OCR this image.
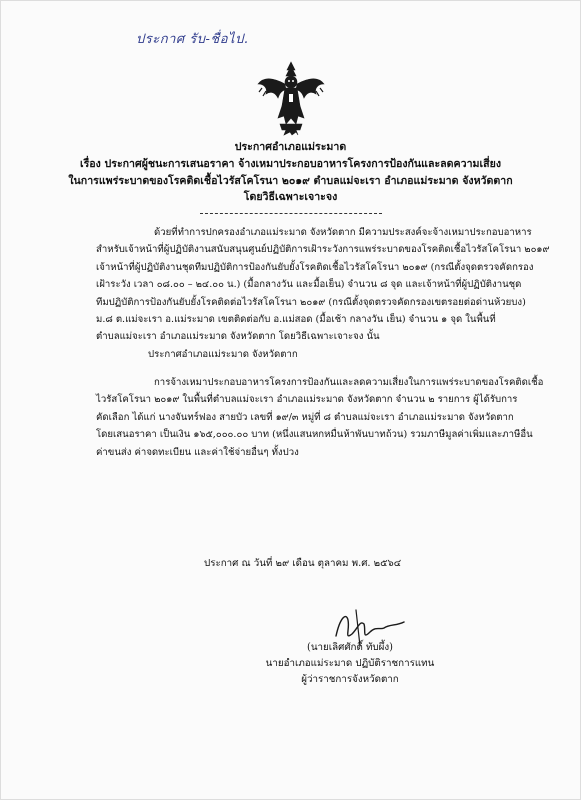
ประกาศ รับ-ชื่อไป.
ประกาศอำเภอแม่ระมาด
เรื่อง ประกาศผู้ชนะการเสนอราคา จ้างเหมาประกอบอาหารโครงการป้องกันและลดความเสี่ยง
ในการแพร่ระบาดของโรคติดเชื้อไวรัสโคโรนา ๒๐๑๙ ตำบลแม่จะเรา อำเภอแม่ระมาด จังหวัดตาก
โดยวิธีเฉพาะเจาะจง
ด้วยที่ทำการปกครองอำเภอแม่ระมาด จังหวัดตาก มีความประสงค์จะจ้างเหมาประกอบอาหาร
สำหรับเจ้าหน้าที่ผู้ปฏิบัติงานสนับสนุนศูนย์ปฏิบัติการเฝ้าระวังการแพร่ระบาดของโรคติดเชื้อไวรัสโคโรนา ๒๐๑๙
เจ้าหน้าที่ผู้ปฏิบัติงานชุดทีมปฏิบัติการป้องกันยับยั้งโรคติดเชื้อไวรัสโคโรนา ๒๐๑๙ (กรณีตั้งจุดตรวจคัดกรอง
เฝ้าระวัง เวลา ๐๘.๐๐ – ๒๔.๐๐ น.) (มื้อกลางวัน และมื้อเย็น) จำนวน ๘ จุด และเจ้าหน้าที่ผู้ปฏิบัติงานชุด
ทีมปฏิบัติการป้องกันยับยั้งโรคติดต่อไวรัสโคโรนา ๒๐๑๙ (กรณีตั้งจุดตรวจคัดกรองเขตรอยต่อด่านห้วยบง)
ม.๘ ต.แม่จะเรา อ.แม่ระมาด เขตติดต่อกับ อ.แม่สอด (มื้อเช้า กลางวัน เย็น) จำนวน ๑ จุด ในพื้นที่
ตำบลแม่จะเรา อำเภอแม่ระมาด จังหวัดตาก โดยวิธีเฉพาะเจาะจง นั้น
ประกาศอำเภอแม่ระมาด จังหวัดตาก
การจ้างเหมาประกอบอาหารโครงการป้องกันและลดความเสี่ยงในการแพร่ระบาดของโรคติดเชื้อ
ไวรัสโคโรนา ๒๐๑๙ ในพื้นที่ตำบลแม่จะเรา อำเภอแม่ระมาด จังหวัดตาก จำนวน ๒ รายการ ผู้ได้รับการ
คัดเลือก ได้แก่ นางจันทร์ฟอง สายบัว เลขที่ ๑๙/๓ หมู่ที่ ๘ ตำบลแม่จะเรา อำเภอแม่ระมาด จังหวัดตาก
โดยเสนอราคา เป็นเงิน ๑๖๕,๐๐๐.๐๐ บาท (หนึ่งแสนหกหมื่นห้าพันบาทถ้วน) รวมภาษีมูลค่าเพิ่มและภาษีอื่น
ค่าขนส่ง ค่าจดทะเบียน และค่าใช้จ่ายอื่นๆ ทั้งปวง
ประกาศ ณ วันที่ ๒๙ เดือน ตุลาคม พ.ศ. ๒๕๖๔
(นายเลิศศักดิ์ ทับผึ้ง)
นายอำเภอแม่ระมาด ปฏิบัติราชการแทน
ผู้ว่าราชการจังหวัดตาก
